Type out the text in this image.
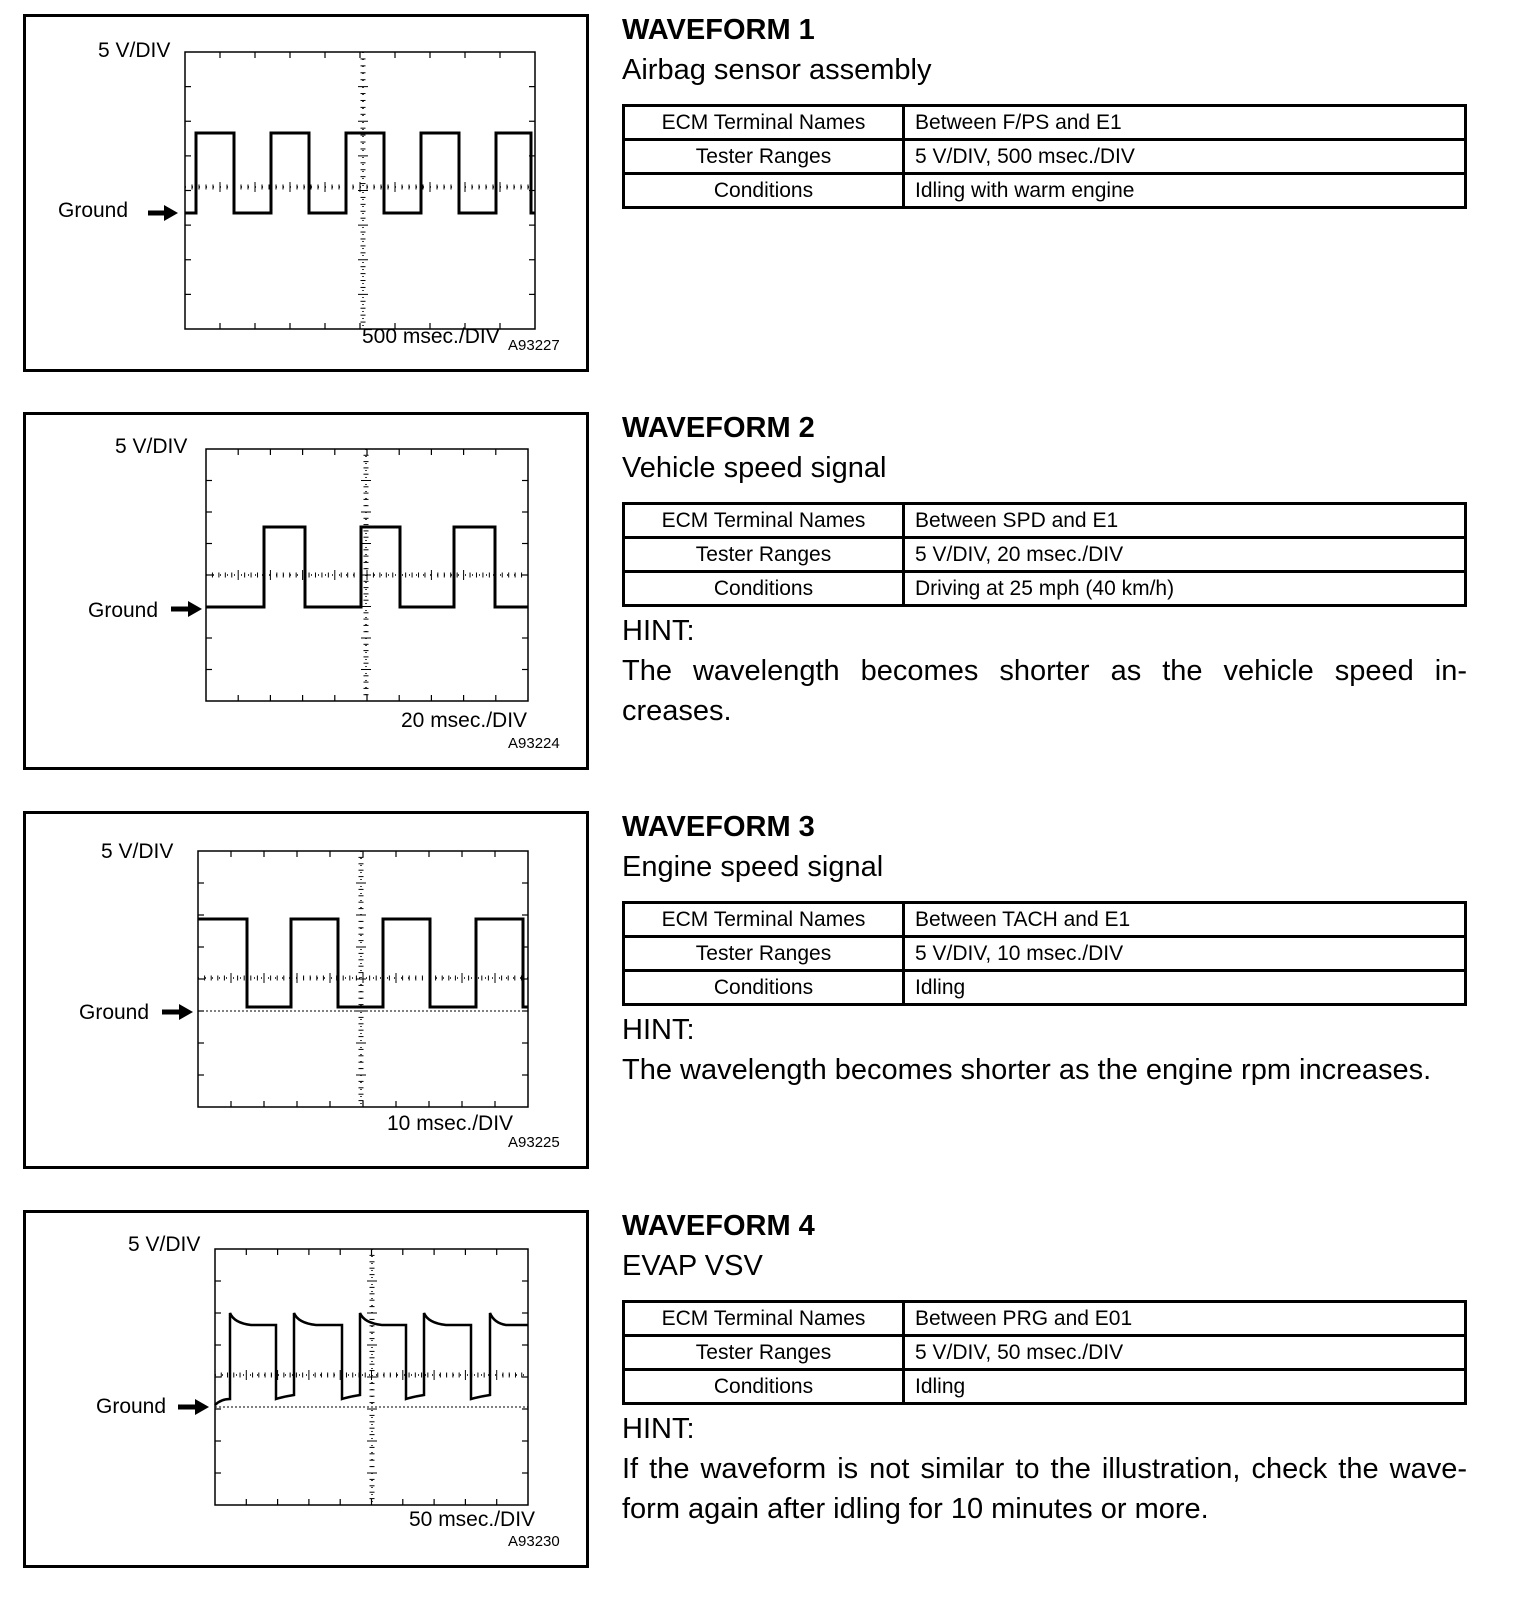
5 V/DIV
Ground
500 msec./DIV A93227
WAVEFORM 1
Airbag sensor assembly
ECM Terminal Names	Between F/PS and E1
Tester Ranges	5 V/DIV, 500 msec./DIV
Conditions	Idling with warm engine
5 V/DIV
Ground
20 msec./DIV
A93224
WAVEFORM 2
Vehicle speed signal
ECM Terminal Names	Between SPD and E1
Tester Ranges	5 V/DIV, 20 msec./DIV
Conditions	Driving at 25 mph (40 km/h)
HINT:
The wavelength becomes shorter as the vehicle speed in-creases.
5 V/DIV
Ground
10 msec./DIV
A93225
WAVEFORM 3
Engine speed signal
ECM Terminal Names	Between TACH and E1
Tester Ranges	5 V/DIV, 10 msec./DIV
Conditions	Idling
HINT:
The wavelength becomes shorter as the engine rpm increases.
5 V/DIV
Ground
50 msec./DIV
A93230
WAVEFORM 4
EVAP VSV
ECM Terminal Names	Between PRG and E01
Tester Ranges	5 V/DIV, 50 msec./DIV
Conditions	Idling
HINT:
If the waveform is not similar to the illustration, check the wave-form again after idling for 10 minutes or more.
